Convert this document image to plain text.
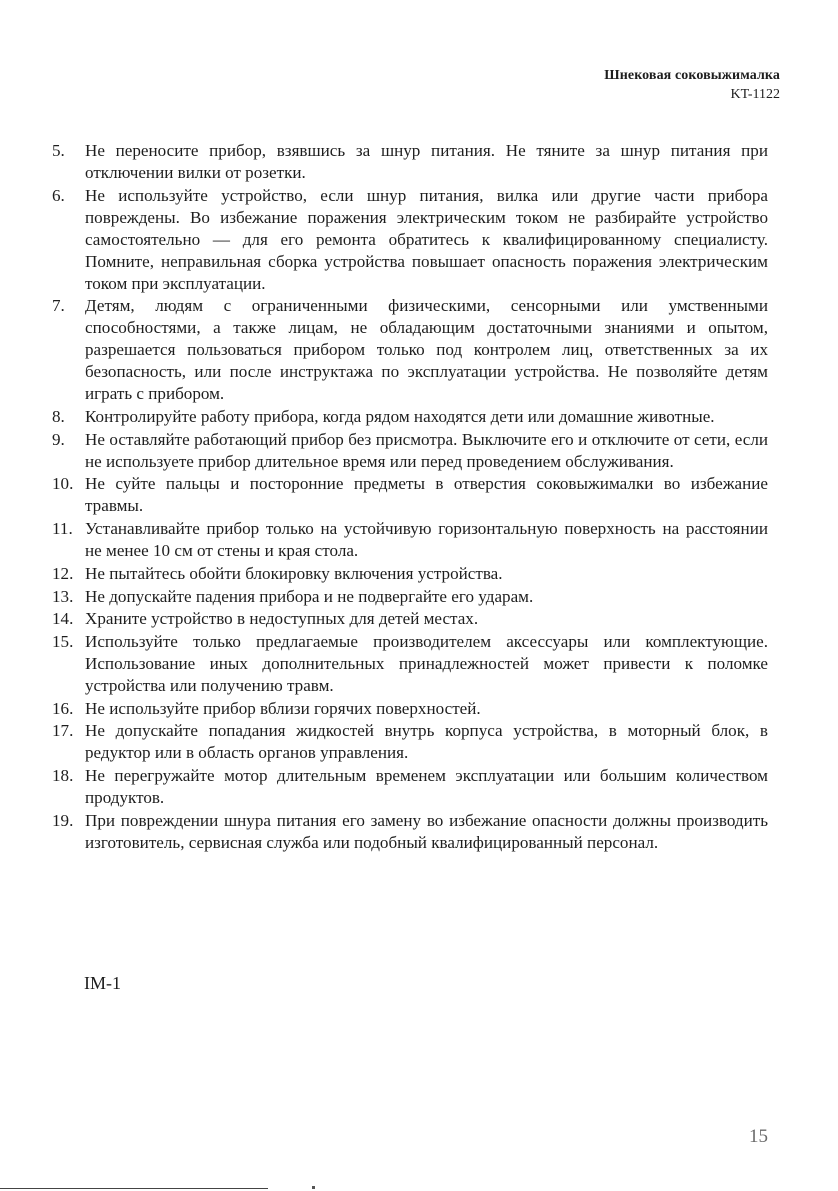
Шнековая соковыжималка
KT-1122
5.	Не переносите прибор, взявшись за шнур питания. Не тяните за шнур питания при отключении вилки от розетки.
6.	Не используйте устройство, если шнур питания, вилка или другие части прибора повреждены. Во избежание поражения электрическим током не разбирайте устройство самостоятельно — для его ремонта обратитесь к квалифицированному специалисту. Помните, неправильная сборка устройства повышает опасность поражения электрическим током при эксплуатации.
7.	Детям, людям с ограниченными физическими, сенсорными или умственными способностями, а также лицам, не обладающим достаточными знаниями и опытом, разрешается пользоваться прибором только под контролем лиц, ответственных за их безопасность, или после инструктажа по эксплуатации устройства. Не позволяйте детям играть с прибором.
8.	Контролируйте работу прибора, когда рядом находятся дети или домашние животные.
9.	Не оставляйте работающий прибор без присмотра. Выключите его и отключите от сети, если не используете прибор длительное время или перед проведением обслуживания.
10. Не суйте пальцы и посторонние предметы в отверстия соковыжималки во избежание травмы.
11. Устанавливайте прибор только на устойчивую горизонтальную поверхность на расстоянии не менее 10 см от стены и края стола.
12. Не пытайтесь обойти блокировку включения устройства.
13. Не допускайте падения прибора и не подвергайте его ударам.
14. Храните устройство в недоступных для детей местах.
15. Используйте только предлагаемые производителем аксессуары или комплектующие. Использование иных дополнительных принадлежностей может привести к поломке устройства или получению травм.
16. Не используйте прибор вблизи горячих поверхностей.
17. Не допускайте попадания жидкостей внутрь корпуса устройства, в моторный блок, в редуктор или в область органов управления.
18. Не перегружайте мотор длительным временем эксплуатации или большим количеством продуктов.
19. При повреждении шнура питания его замену во избежание опасности должны производить изготовитель, сервисная служба или подобный квалифицированный персонал.
IM-1
15
